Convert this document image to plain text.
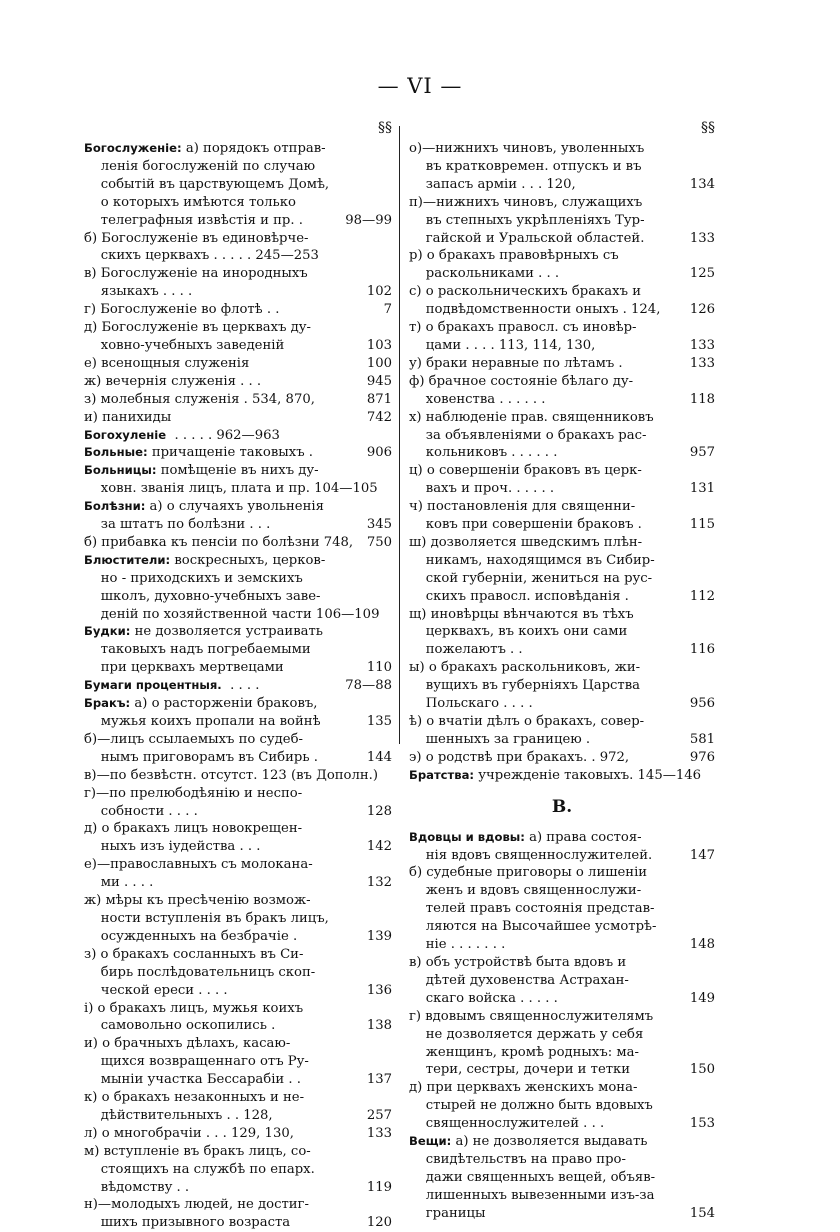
— VI —
§§
Богослуженіе: а) порядокъ отправ-
ленія богослуженій по случаю
событій въ царствующемъ Домѣ,
о которыхъ имѣются только
телеграфныя извѣстія и пр. .	98—99
б) Богослуженіе въ единовѣрче-
скихъ церквахъ . . . . . 245—253
в) Богослуженіе на инородныхъ
языкахъ . . . .	102
г) Богослуженіе во флотѣ . .	7
д) Богослуженіе въ церквахъ ду-
ховно-учебныхъ заведеній	103
е) всенощныя служенія	100
ж) вечернія служенія . . .	945
з) молебныя служенія . 534, 870,	871
и) панихиды	742
Богохуленіе  . . . . . 962—963
Больные: причащеніе таковыхъ .	906
Больницы: помѣщеніе въ нихъ ду-
ховн. званія лицъ, плата и пр. 104—105
Болѣзни: а) о случаяхъ увольненія
за штатъ по болѣзни . . .	345
б) прибавка къ пенсіи по болѣзни 748,	750
Блюстители: воскресныхъ, церков-
но - приходскихъ и земскихъ
школъ, духовно-учебныхъ заве-
деній по хозяйственной части 106—109
Будки: не дозволяется устраивать
таковыхъ надъ погребаемыми
при церквахъ мертвецами	110
Бумаги процентныя.  . . . .	78—88
Бракъ: а) о расторженіи браковъ,
мужья коихъ пропали на войнѣ	135
б)—лицъ ссылаемыхъ по судеб-
нымъ приговорамъ въ Сибирь .	144
в)—по безвѣстн. отсутст. 123 (въ Дополн.)
г)—по прелюбодѣянію и неспо-
собности . . . .	128
д) о бракахъ лицъ новокрещен-
ныхъ изъ іудейства . . .	142
е)—православныхъ съ молокана-
ми . . . .	132
ж) мѣры къ пресѣченію возмож-
ности вступленія въ бракъ лицъ,
осужденныхъ на безбрачіе .	139
з) о бракахъ сосланныхъ въ Си-
бирь послѣдовательницъ скоп-
ческой ереси . . . .	136
і) о бракахъ лицъ, мужья коихъ
самовольно оскопились .	138
и) о брачныхъ дѣлахъ, касаю-
щихся возвращеннаго отъ Ру-
мыніи участка Бессарабіи . .	137
к) о бракахъ незаконныхъ и не-
дѣйствительныхъ . . 128,	257
л) о многобрачіи . . . 129, 130,	133
м) вступленіе въ бракъ лицъ, со-
стоящихъ на службѣ по епарх.
вѣдомству . .	119
н)—молодыхъ людей, не достиг-
шихъ призывного возраста	120
§§
о)—нижнихъ чиновъ, уволенныхъ
въ кратковремен. отпускъ и въ
запасъ арміи . . . 120,	134
п)—нижнихъ чиновъ, служащихъ
въ степныхъ укрѣпленіяхъ Тур-
гайской и Уральской областей.	133
р) о бракахъ правовѣрныхъ съ
раскольниками . . .	125
с) о раскольническихъ бракахъ и
подвѣдомственности оныхъ . 124,	126
т) о бракахъ правосл. съ иновѣр-
цами . . . . 113, 114, 130,	133
у) браки неравные по лѣтамъ .	133
ф) брачное состояніе бѣлаго ду-
ховенства . . . . . .	118
х) наблюденіе прав. священниковъ
за объявленіями о бракахъ рас-
кольниковъ . . . . . .	957
ц) о совершеніи браковъ въ церк-
вахъ и проч. . . . . .	131
ч) постановленія для священни-
ковъ при совершеніи браковъ .	115
ш) дозволяется шведскимъ плѣн-
никамъ, находящимся въ Сибир-
ской губерніи, жениться на рус-
скихъ правосл. исповѣданія .	112
щ) иновѣрцы вѣнчаются въ тѣхъ
церквахъ, въ коихъ они сами
пожелаютъ . .	116
ы) о бракахъ раскольниковъ, жи-
вущихъ въ губерніяхъ Царства
Польскаго . . . .	956
ѣ) о вчатіи дѣлъ о бракахъ, совер-
шенныхъ за границею .	581
э) о родствѣ при бракахъ. . 972,	976
Братства: учрежденіе таковыхъ. 145—146
В.
Вдовцы и вдовы: а) права состоя-
нія вдовъ священнослужителей.	147
б) судебные приговоры о лишеніи
женъ и вдовъ священнослужи-
телей правъ состоянія представ-
ляются на Высочайшее усмотрѣ-
ніе . . . . . . .	148
в) объ устройствѣ быта вдовъ и
дѣтей духовенства Астрахан-
скаго войска . . . . .	149
г) вдовымъ священнослужителямъ
не дозволяется держать у себя
женщинъ, кромѣ родныхъ: ма-
тери, сестры, дочери и тетки	150
д) при церквахъ женскихъ мона-
стырей не должно быть вдовыхъ
священнослужителей . . .	153
Вещи: а) не дозволяется выдавать
свидѣтельствъ на право про-
дажи священныхъ вещей, объяв-
лишенныхъ вывезенными изъ-за
границы	154
